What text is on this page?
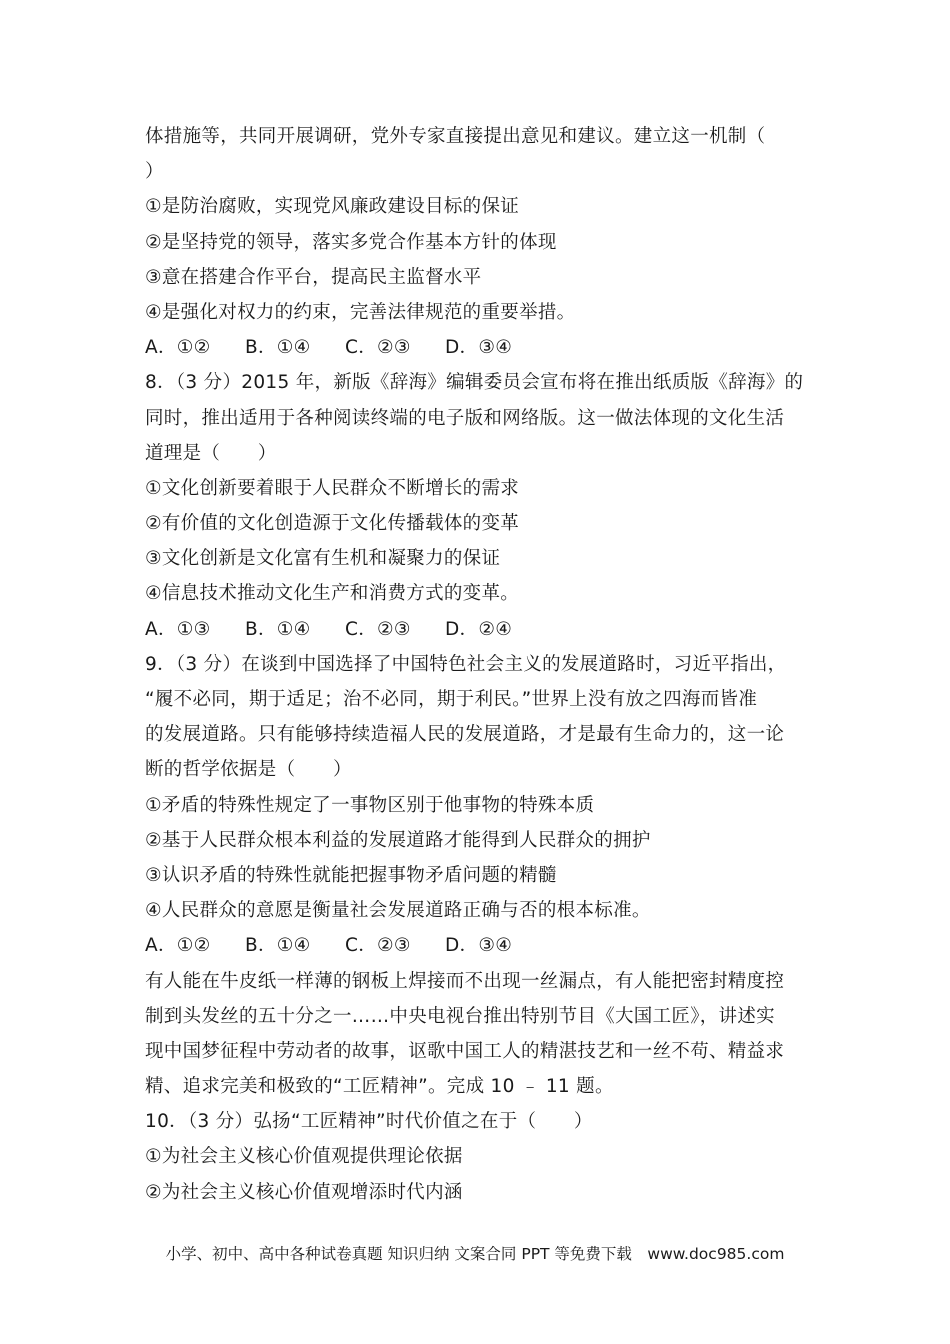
体措施等，共同开展调研，党外专家直接提出意见和建议。建立这一机制（
）
①是防治腐败，实现党风廉政建设目标的保证
②是坚持党的领导，落实多党合作基本方针的体现
③意在搭建合作平台，提高民主监督水平
④是强化对权力的约束，完善法律规范的重要举措。
A．①②	B．①④	C．②③	D．③④
8．（3 分）2015 年，新版《辞海》编辑委员会宣布将在推出纸质版《辞海》的
同时，推出适用于各种阅读终端的电子版和网络版。这一做法体现的文化生活
道理是（　　）
①文化创新要着眼于人民群众不断增长的需求
②有价值的文化创造源于文化传播载体的变革
③文化创新是文化富有生机和凝聚力的保证
④信息技术推动文化生产和消费方式的变革。
A．①③	B．①④	C．②③	D．②④
9．（3 分）在谈到中国选择了中国特色社会主义的发展道路时，习近平指出，
“履不必同，期于适足；治不必同，期于利民。”世界上没有放之四海而皆准
的发展道路。只有能够持续造福人民的发展道路，才是最有生命力的，这一论
断的哲学依据是（　　）
①矛盾的特殊性规定了一事物区别于他事物的特殊本质
②基于人民群众根本利益的发展道路才能得到人民群众的拥护
③认识矛盾的特殊性就能把握事物矛盾问题的精髓
④人民群众的意愿是衡量社会发展道路正确与否的根本标准。
A．①②	B．①④	C．②③	D．③④
有人能在牛皮纸一样薄的钢板上焊接而不出现一丝漏点，有人能把密封精度控
制到头发丝的五十分之一……中央电视台推出特别节目《大国工匠》，讲述实
现中国梦征程中劳动者的故事，讴歌中国工人的精湛技艺和一丝不苟、精益求
精、追求完美和极致的“工匠精神”。完成 10 ﹣ 11 题。
10．（3 分）弘扬“工匠精神”时代价值之在于（　　）
①为社会主义核心价值观提供理论依据
②为社会主义核心价值观增添时代内涵
小学、初中、高中各种试卷真题 知识归纳 文案合同 PPT 等免费下载　www.doc985.com
